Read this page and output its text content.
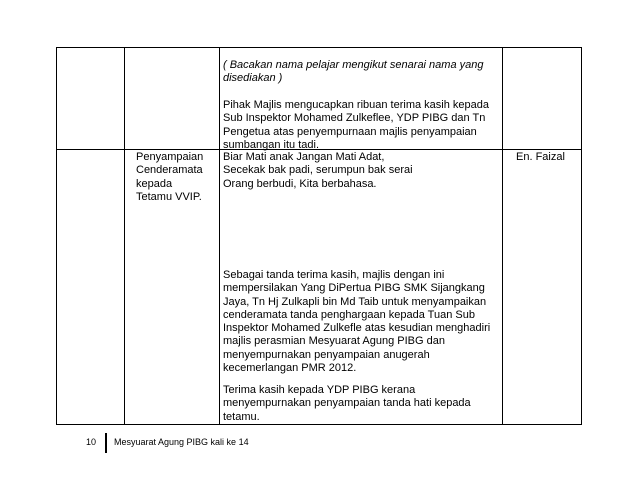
( Bacakan nama pelajar mengikut senarai nama yang
disediakan )
Pihak Majlis mengucapkan ribuan terima kasih kepada
Sub Inspektor Mohamed Zulkeflee, YDP PIBG dan Tn
Pengetua atas penyempurnaan majlis penyampaian
sumbangan itu tadi.
Penyampaian
Cenderamata
kepada
Tetamu VVIP.
Biar Mati anak Jangan Mati Adat,
Secekak bak padi, serumpun bak serai
Orang berbudi, Kita berbahasa.
Sebagai tanda terima kasih, majlis dengan ini
mempersilakan Yang DiPertua PIBG SMK Sijangkang
Jaya, Tn Hj Zulkapli bin Md Taib untuk menyampaikan
cenderamata tanda penghargaan kepada Tuan Sub
Inspektor Mohamed Zulkefle atas kesudian menghadiri
majlis perasmian Mesyuarat Agung PIBG dan
menyempurnakan penyampaian anugerah
kecemerlangan PMR 2012.
Terima kasih kepada YDP PIBG kerana
menyempurnakan penyampaian tanda hati kepada
tetamu.
En. Faizal
10 Mesyuarat Agung PIBG kali ke 14
